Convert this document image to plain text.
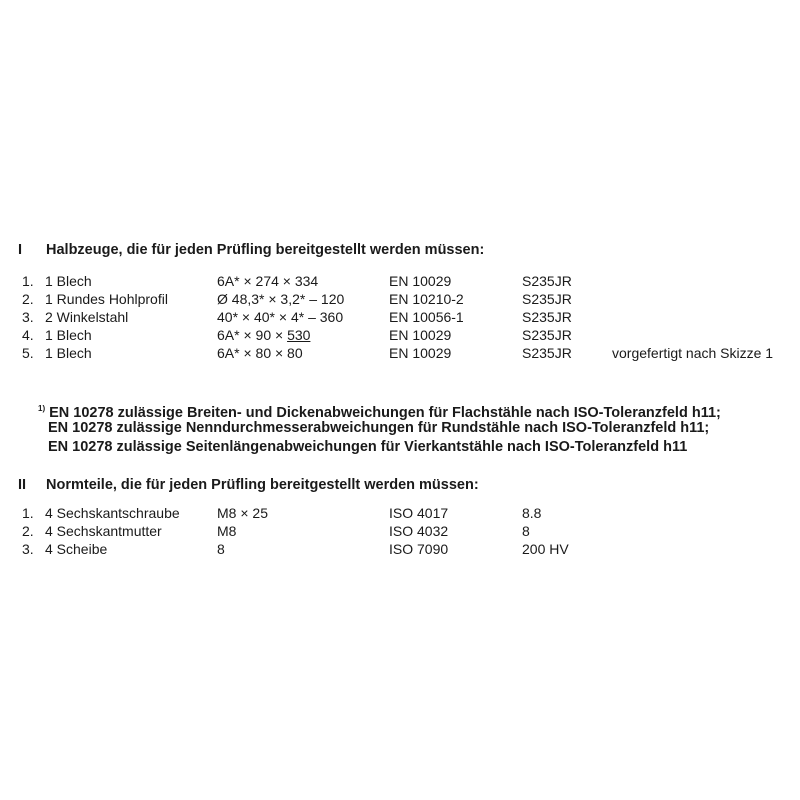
I Halbzeuge, die für jeden Prüfling bereitgestellt werden müssen:
1. 1 Blech	6A* × 274 × 334	EN 10029	S235JR
2. 1 Rundes Hohlprofil	Ø 48,3* × 3,2* – 120	EN 10210-2	S235JR
3. 2 Winkelstahl	40* × 40* × 4* – 360	EN 10056-1	S235JR
4. 1 Blech	6A* × 90 × 530	EN 10029	S235JR
5. 1 Blech	6A* × 80 × 80	EN 10029	S235JR	vorgefertigt nach Skizze 1
$^{1)}$ EN 10278 zulässige Breiten- und Dickenabweichungen für Flachstähle nach ISO-Toleranzfeld h11;
EN 10278 zulässige Nenndurchmesserabweichungen für Rundstähle nach ISO-Toleranzfeld h11;
EN 10278 zulässige Seitenlängenabweichungen für Vierkantstähle nach ISO-Toleranzfeld h11
II Normteile, die für jeden Prüfling bereitgestellt werden müssen:
1. 4 Sechskantschraube	M8 × 25	ISO 4017	8.8
2. 4 Sechskantmutter	M8	ISO 4032	8
3. 4 Scheibe	8	ISO 7090	200 HV
